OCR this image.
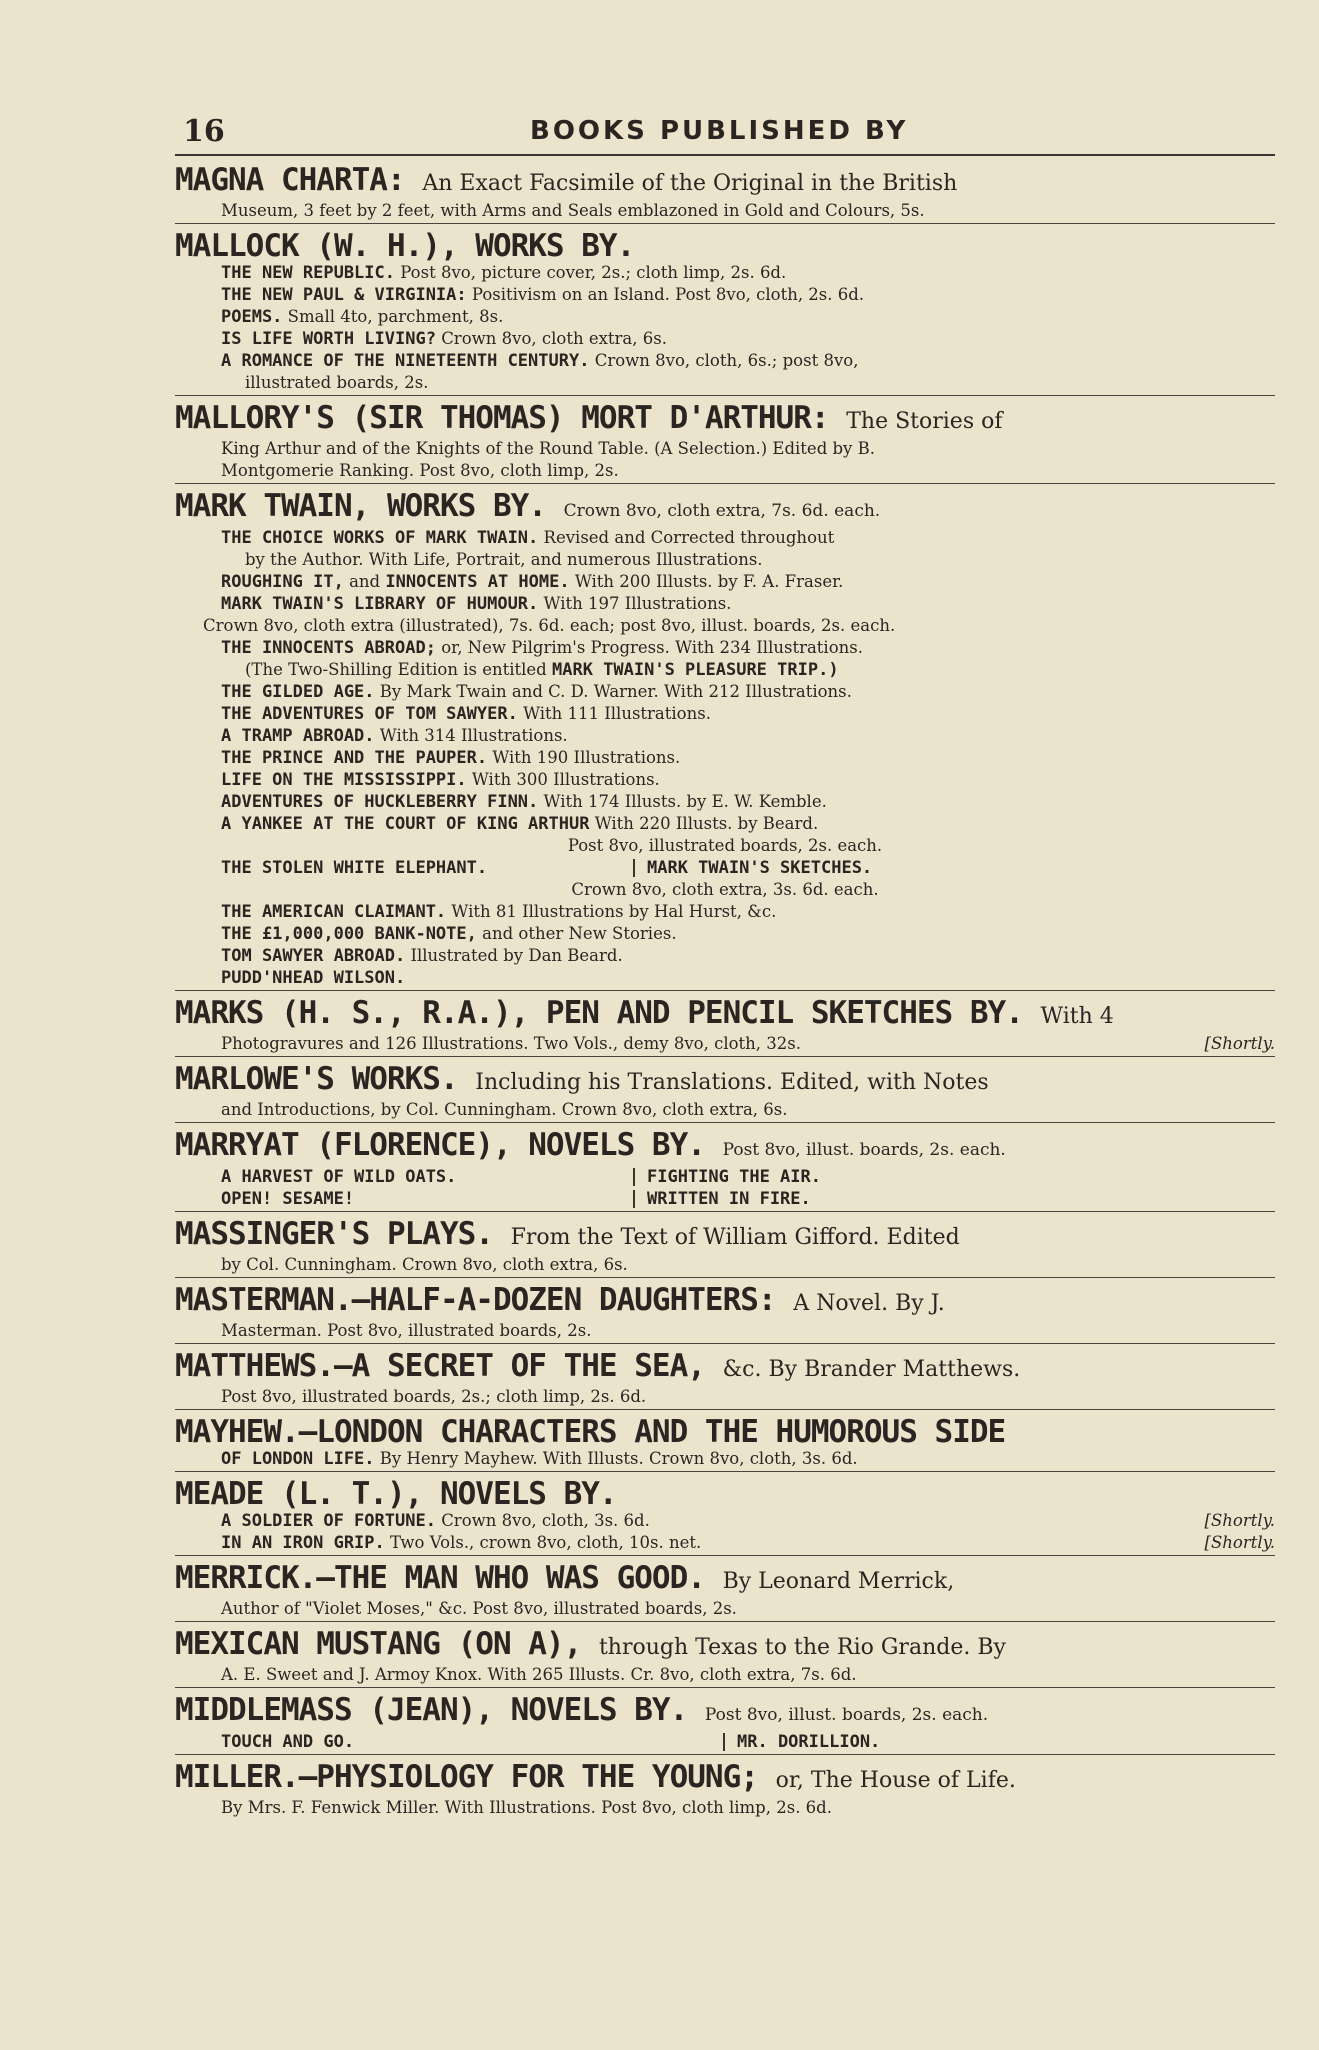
16	BOOKS PUBLISHED BY
MAGNA CHARTA: An Exact Facsimile of the Original in the British
Museum, 3 feet by 2 feet, with Arms and Seals emblazoned in Gold and Colours, 5s.
MALLOCK (W. H.), WORKS BY.
THE NEW REPUBLIC. Post 8vo, picture cover, 2s.; cloth limp, 2s. 6d.
THE NEW PAUL & VIRGINIA: Positivism on an Island. Post 8vo, cloth, 2s. 6d.
POEMS. Small 4to, parchment, 8s.
IS LIFE WORTH LIVING? Crown 8vo, cloth extra, 6s.
A ROMANCE OF THE NINETEENTH CENTURY. Crown 8vo, cloth, 6s.; post 8vo,
illustrated boards, 2s.
MALLORY'S (SIR THOMAS) MORT D'ARTHUR: The Stories of
King Arthur and of the Knights of the Round Table. (A Selection.) Edited by B.
Montgomerie Ranking. Post 8vo, cloth limp, 2s.
MARK TWAIN, WORKS BY. Crown 8vo, cloth extra, 7s. 6d. each.
THE CHOICE WORKS OF MARK TWAIN. Revised and Corrected throughout
by the Author. With Life, Portrait, and numerous Illustrations.
ROUGHING IT, and INNOCENTS AT HOME. With 200 Illusts. by F. A. Fraser.
MARK TWAIN'S LIBRARY OF HUMOUR. With 197 Illustrations.
Crown 8vo, cloth extra (illustrated), 7s. 6d. each; post 8vo, illust. boards, 2s. each.
THE INNOCENTS ABROAD; or, New Pilgrim's Progress. With 234 Illustrations.
(The Two-Shilling Edition is entitled MARK TWAIN'S PLEASURE TRIP.)
THE GILDED AGE. By Mark Twain and C. D. Warner. With 212 Illustrations.
THE ADVENTURES OF TOM SAWYER. With 111 Illustrations.
A TRAMP ABROAD. With 314 Illustrations.
THE PRINCE AND THE PAUPER. With 190 Illustrations.
LIFE ON THE MISSISSIPPI. With 300 Illustrations.
ADVENTURES OF HUCKLEBERRY FINN. With 174 Illusts. by E. W. Kemble.
A YANKEE AT THE COURT OF KING ARTHUR With 220 Illusts. by Beard.
Post 8vo, illustrated boards, 2s. each.
THE STOLEN WHITE ELEPHANT.	MARK TWAIN'S SKETCHES.
Crown 8vo, cloth extra, 3s. 6d. each.
THE AMERICAN CLAIMANT. With 81 Illustrations by Hal Hurst, &c.
THE £1,000,000 BANK-NOTE, and other New Stories.
TOM SAWYER ABROAD. Illustrated by Dan Beard.
PUDD'NHEAD WILSON.
MARKS (H. S., R.A.), PEN AND PENCIL SKETCHES BY. With 4
Photogravures and 126 Illustrations. Two Vols., demy 8vo, cloth, 32s.	[Shortly.
MARLOWE'S WORKS. Including his Translations. Edited, with Notes
and Introductions, by Col. Cunningham. Crown 8vo, cloth extra, 6s.
MARRYAT (FLORENCE), NOVELS BY. Post 8vo, illust. boards, 2s. each.
A HARVEST OF WILD OATS.	FIGHTING THE AIR.
OPEN! SESAME!	WRITTEN IN FIRE.
MASSINGER'S PLAYS. From the Text of William Gifford. Edited
by Col. Cunningham. Crown 8vo, cloth extra, 6s.
MASTERMAN.—HALF-A-DOZEN DAUGHTERS: A Novel. By J.
Masterman. Post 8vo, illustrated boards, 2s.
MATTHEWS.—A SECRET OF THE SEA, &c. By Brander Matthews.
Post 8vo, illustrated boards, 2s.; cloth limp, 2s. 6d.
MAYHEW.—LONDON CHARACTERS AND THE HUMOROUS SIDE
OF LONDON LIFE. By Henry Mayhew. With Illusts. Crown 8vo, cloth, 3s. 6d.
MEADE (L. T.), NOVELS BY.
A SOLDIER OF FORTUNE. Crown 8vo, cloth, 3s. 6d.	[Shortly.
IN AN IRON GRIP. Two Vols., crown 8vo, cloth, 10s. net.	[Shortly.
MERRICK.—THE MAN WHO WAS GOOD. By Leonard Merrick,
Author of "Violet Moses," &c. Post 8vo, illustrated boards, 2s.
MEXICAN MUSTANG (ON A), through Texas to the Rio Grande. By
A. E. Sweet and J. Armoy Knox. With 265 Illusts. Cr. 8vo, cloth extra, 7s. 6d.
MIDDLEMASS (JEAN), NOVELS BY. Post 8vo, illust. boards, 2s. each.
TOUCH AND GO.	MR. DORILLION.
MILLER.—PHYSIOLOGY FOR THE YOUNG; or, The House of Life.
By Mrs. F. Fenwick Miller. With Illustrations. Post 8vo, cloth limp, 2s. 6d.
